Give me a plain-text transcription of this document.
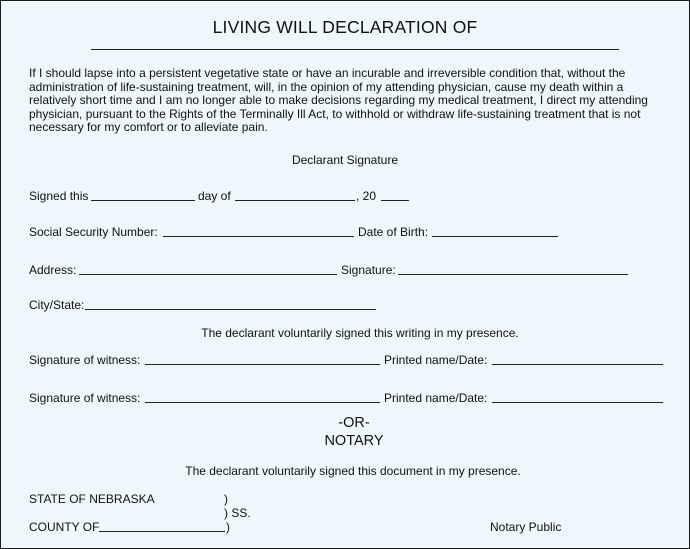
LIVING WILL DECLARATION OF
If I should lapse into a persistent vegetative state or have an incurable and irreversible condition that, without the administration of life-sustaining treatment, will, in the opinion of my attending physician, cause my death within a relatively short time and I am no longer able to make decisions regarding my medical treatment, I direct my attending physician, pursuant to the Rights of the Terminally Ill Act, to withhold or withdraw life-sustaining treatment that is not necessary for my comfort or to alleviate pain.
Declarant Signature
Signed this	day of	, 20
Social Security Number:	Date of Birth:
Address:	Signature:
City/State:
The declarant voluntarily signed this writing in my presence.
Signature of witness:	Printed name/Date:
Signature of witness:	Printed name/Date:
-OR-
NOTARY
The declarant voluntarily signed this document in my presence.
STATE OF NEBRASKA	)
) SS.
COUNTY OF	)	Notary Public
